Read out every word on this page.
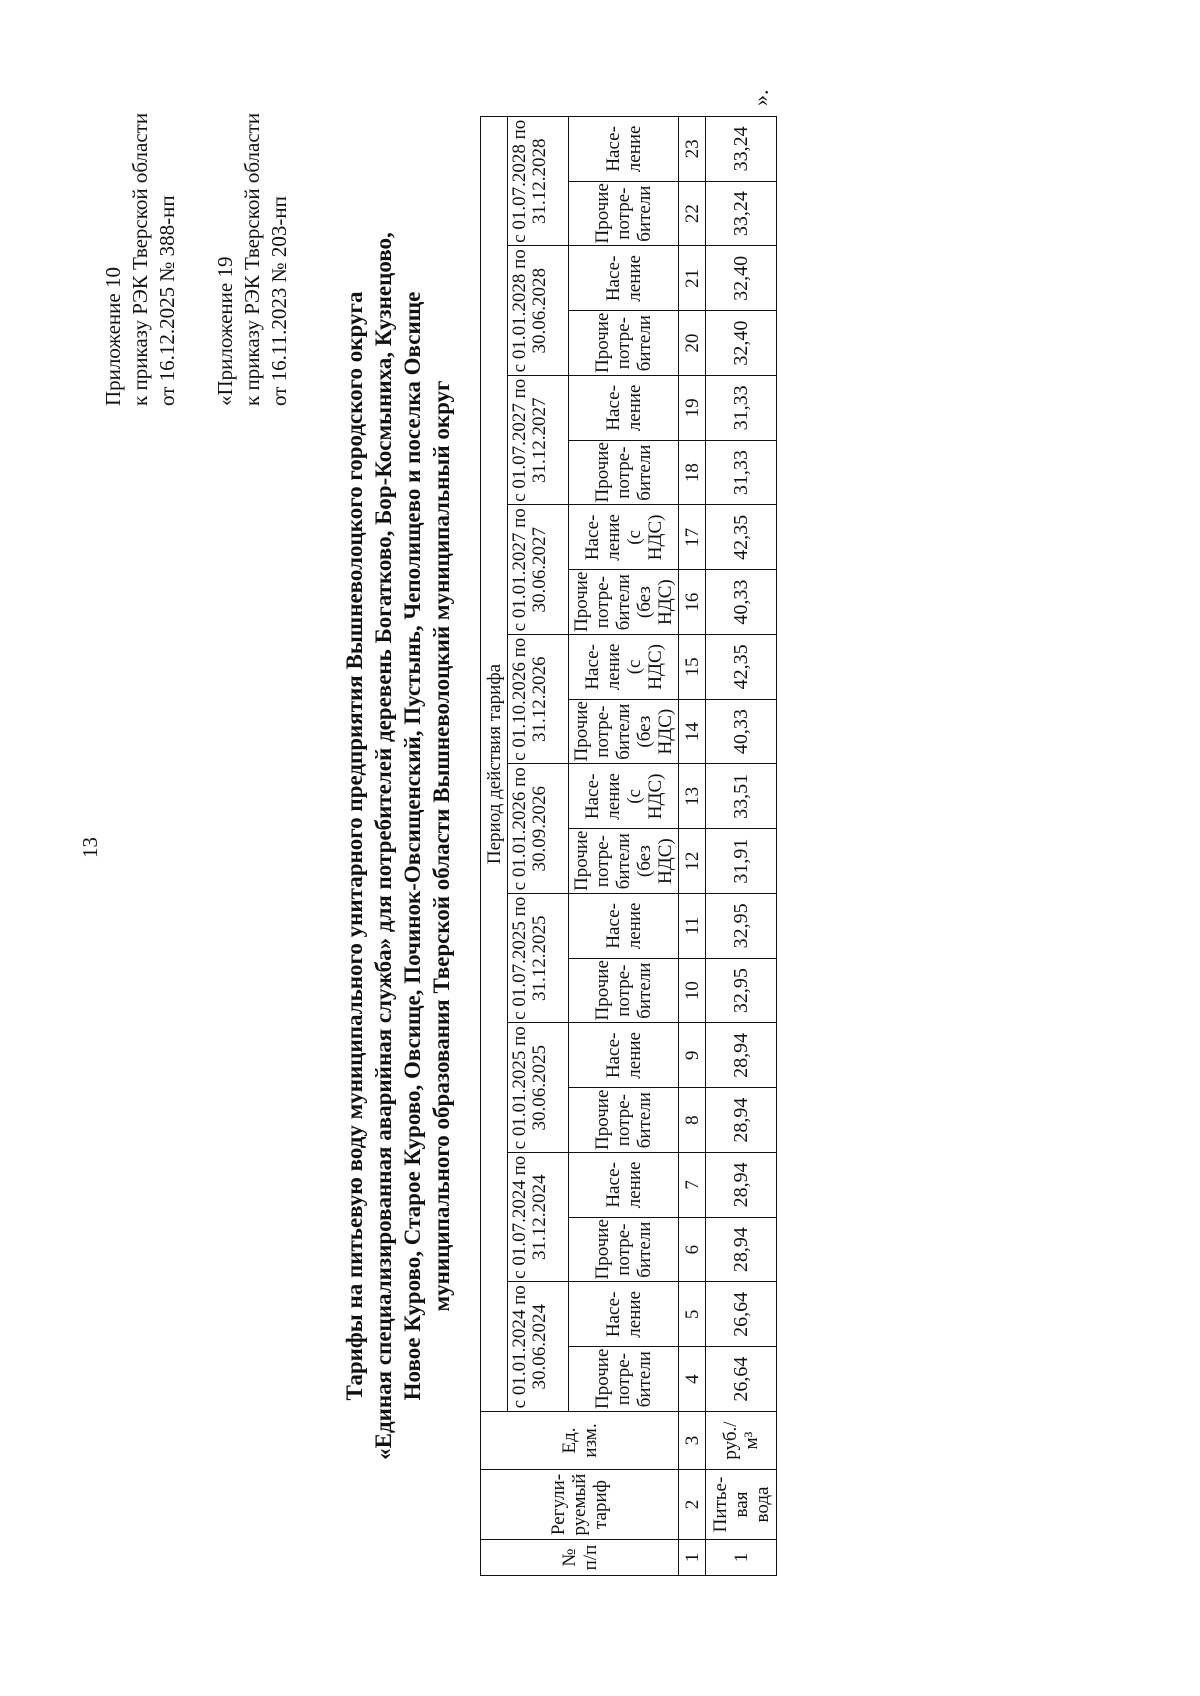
13
Приложение 10 к приказу РЭК Тверской области от 16.12.2025 № 388-нп «Приложение 19 к приказу РЭК Тверской области от 16.11.2023 № 203-нп Тарифы на питьевую воду муниципального унитарного предприятия Вышневолоцкого городского округа «Единая специализированная аварийная служба» для потребителей деревень Богатково, Бор-Космыниха, Кузнецово, Новое Курово, Старое Курово, Овсище, Починок-Овсищенский, Пустынь, Чеполищево и поселка Овсище муниципального образования Тверской области Вышневолоцкий муниципальный округ
№ п/п	Регули-руемый тариф	Ед. изм.	Период действия тарифа																			
			с 01.01.2024 по 30.06.2024		с 01.07.2024 по 31.12.2024		с 01.01.2025 по 30.06.2025		с 01.07.2025 по 31.12.2025		с 01.01.2026 по 30.09.2026		с 01.10.2026 по 31.12.2026		с 01.01.2027 по 30.06.2027		с 01.07.2027 по 31.12.2027		с 01.01.2028 по 30.06.2028		с 01.07.2028 по 31.12.2028	
			Прочие потре-бители	Насе-ление	Прочие потре-бители	Насе-ление	Прочие потре-бители	Насе-ление	Прочие потре-бители	Насе-ление	Прочие потре-бители (без НДС)	Насе-ление (с НДС)	Прочие потре-бители (без НДС)	Насе-ление (с НДС)	Прочие потре-бители (без НДС)	Насе-ление (с НДС)	Прочие потре-бители	Насе-ление	Прочие потре-бители	Насе-ление	Прочие потре-бители	Насе-ление
1	2	3	4	5	6	7	8	9	10	11	12	13	14	15	16	17	18	19	20	21	22	23
1	Питье-вая вода	руб./м³	26,64	26,64	28,94	28,94	28,94	28,94	32,95	32,95	31,91	33,51	40,33	42,35	40,33	42,35	31,33	31,33	32,40	32,40	33,24	33,24
».
